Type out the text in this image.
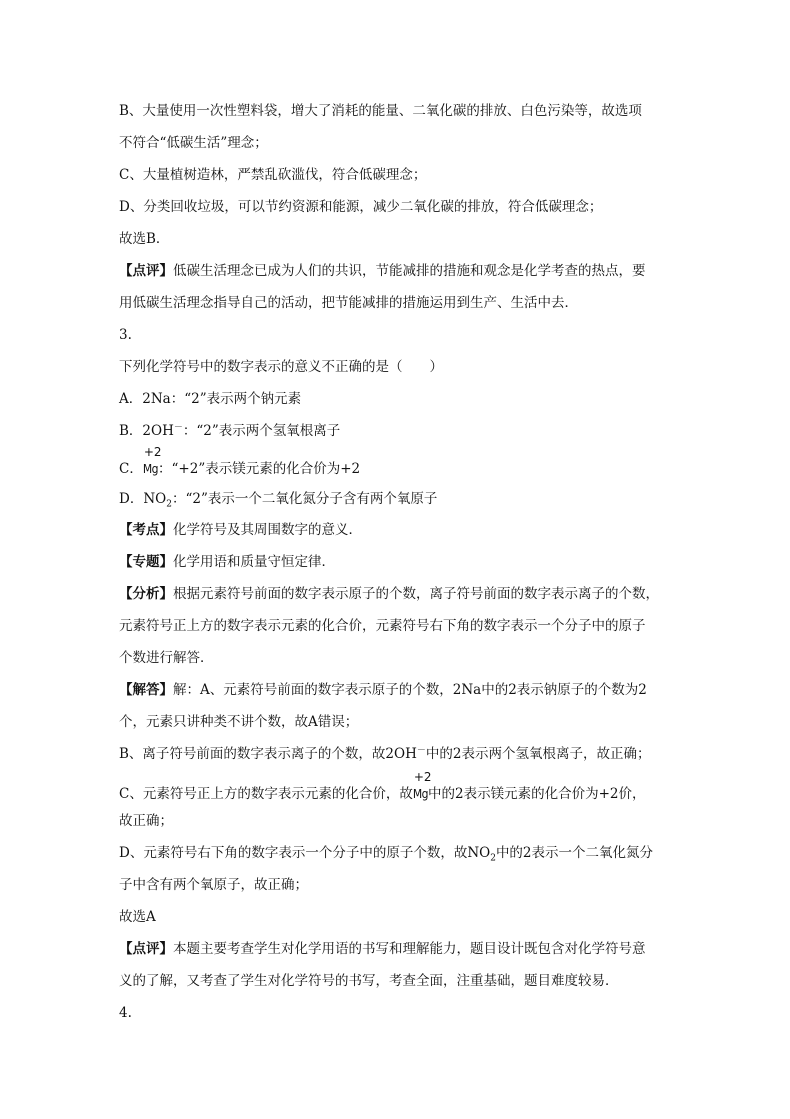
B、大量使用一次性塑料袋，增大了消耗的能量、二氧化碳的排放、白色污染等，故选项
不符合“低碳生活”理念；
C、大量植树造林，严禁乱砍滥伐，符合低碳理念；
D、分类回收垃圾，可以节约资源和能源，减少二氧化碳的排放，符合低碳理念；
故选B．
【点评】低碳生活理念已成为人们的共识，节能减排的措施和观念是化学考查的热点，要
用低碳生活理念指导自己的活动，把节能减排的措施运用到生产、生活中去．
3.
下列化学符号中的数字表示的意义不正确的是（　　）
A．2Na：“2”表示两个钠元素
B．2OH－：“2”表示两个氢氧根离子
C．
+2
Mg：“+2”表示镁元素的化合价为+2
D．$NO_2$：“2”表示一个二氧化氮分子含有两个氧原子
【考点】化学符号及其周围数字的意义．
【专题】化学用语和质量守恒定律．
【分析】根据元素符号前面的数字表示原子的个数，离子符号前面的数字表示离子的个数，
元素符号正上方的数字表示元素的化合价，元素符号右下角的数字表示一个分子中的原子
个数进行解答．
【解答】解：A、元素符号前面的数字表示原子的个数，2Na中的2表示钠原子的个数为2
个，元素只讲种类不讲个数，故A错误；
B、离子符号前面的数字表示离子的个数，故2OH－中的2表示两个氢氧根离子，故正确；
C、元素符号正上方的数字表示元素的化合价，故
+2
Mg中的2表示镁元素的化合价为+2价，
故正确；
D、元素符号右下角的数字表示一个分子中的原子个数，故$NO_2$中的2表示一个二氧化氮分
子中含有两个氧原子，故正确；
故选A
【点评】本题主要考查学生对化学用语的书写和理解能力，题目设计既包含对化学符号意
义的了解，又考查了学生对化学符号的书写，考查全面，注重基础，题目难度较易．
4.
